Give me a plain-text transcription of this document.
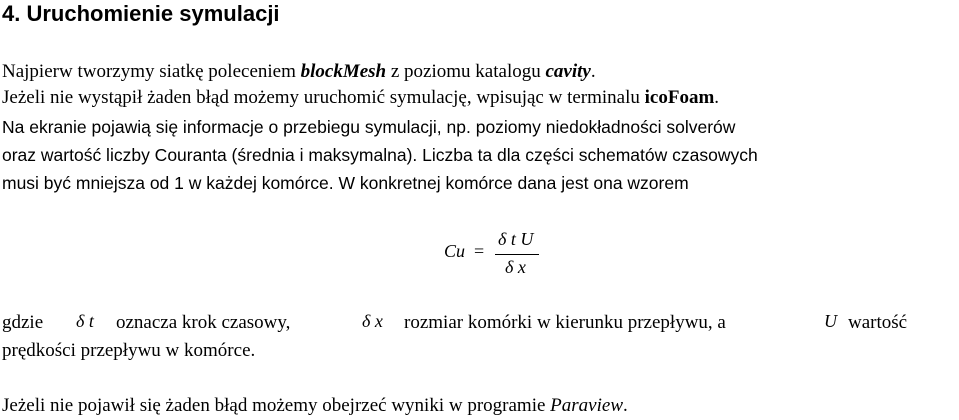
4. Uruchomienie symulacji
Najpierw tworzymy siatkę poleceniem blockMesh z poziomu katalogu cavity.
Jeżeli nie wystąpił żaden błąd możemy uruchomić symulację, wpisując w terminalu icoFoam.
Na ekranie pojawią się informacje o przebiegu symulacji, np. poziomy niedokładności solverów
oraz wartość liczby Couranta (średnia i maksymalna). Liczba ta dla części schematów czasowych
musi być mniejsza od 1 w każdej komórce. W konkretnej komórce dana jest ona wzorem
Cu =
δ t U
δ x
gdzie δ t oznacza krok czasowy,	δ x rozmiar komórki w kierunku przepływu, a	U wartość
prędkości przepływu w komórce.
Jeżeli nie pojawił się żaden błąd możemy obejrzeć wyniki w programie Paraview.
